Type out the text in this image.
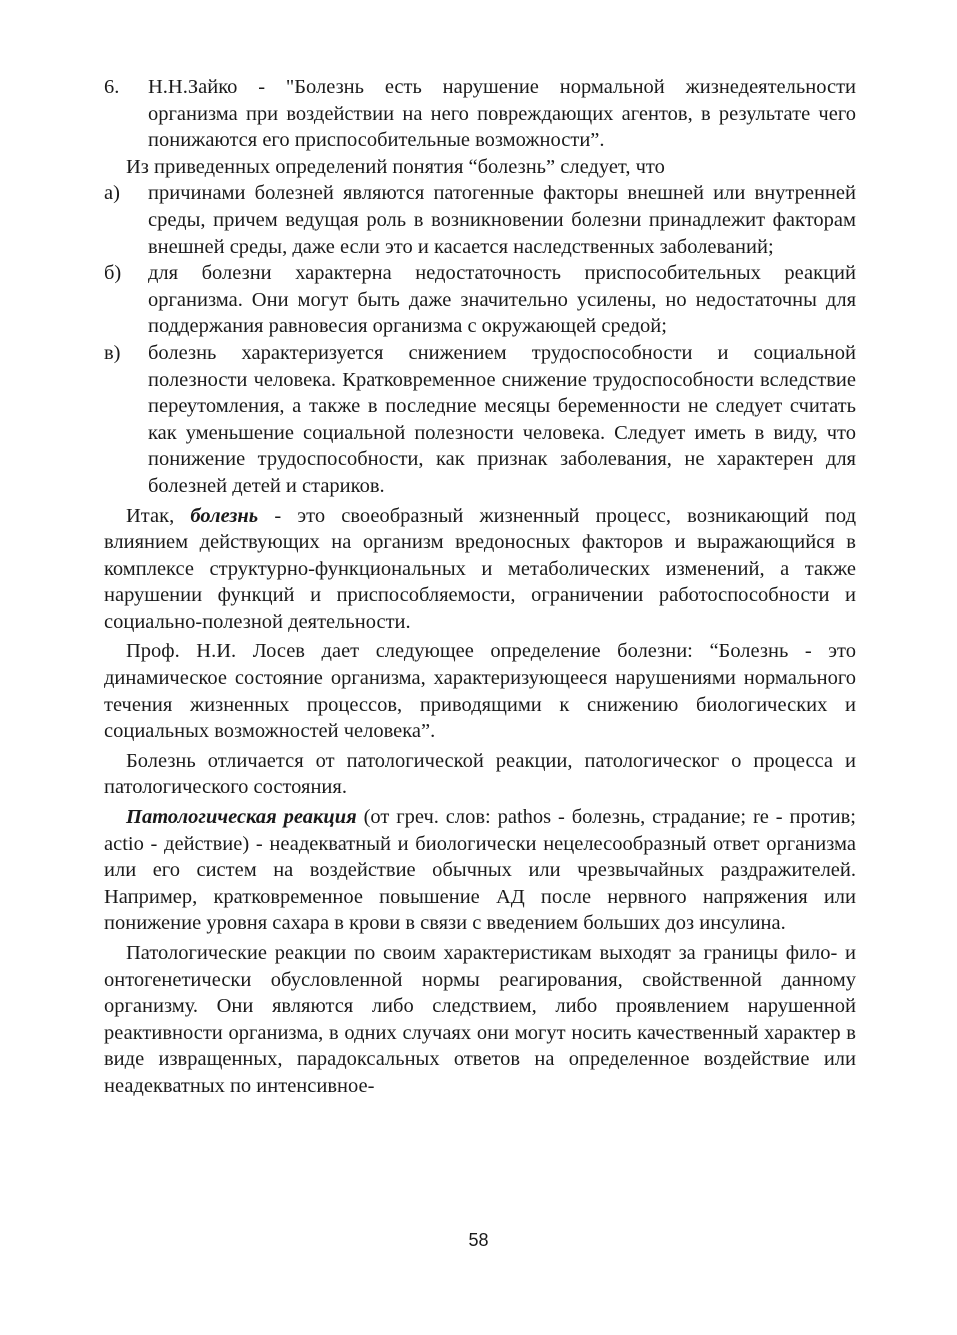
6. Н.Н.Зайко - "Болезнь есть нарушение нормальной жизнедеятельности организма при воздействии на него повреждающих агентов, в результате чего понижаются его приспособительные возможности”.

Из приведенных определений понятия “болезнь” следует, что

а) причинами болезней являются патогенные факторы внешней или внутренней среды, причем ведущая роль в возникновении болезни принадлежит факторам внешней среды, даже если это и касается наследственных заболеваний;
б) для болезни характерна недостаточность приспособительных реакций организма. Они могут быть даже значительно усилены, но недостаточны для поддержания равновесия организма с окружающей средой;
в) болезнь характеризуется снижением трудоспособности и социальной полезности человека. Кратковременное снижение трудоспособности вследствие переутомления, а также в последние месяцы беременности не следует считать как уменьшение социальной полезности человека. Следует иметь в виду, что понижение трудоспособности, как признак заболевания, не характерен для болезней детей и стариков.

Итак, болезнь - это своеобразный жизненный процесс, возникающий под влиянием действующих на организм вредоносных факторов и выражающийся в комплексе структурно-функциональных и метаболических изменений, а также нарушении функций и приспособляемости, ограничении работоспособности и социально-полезной деятельности.

Проф. Н.И. Лосев дает следующее определение болезни: “Болезнь - это динамическое состояние организма, характеризующееся нарушениями нормального течения жизненных процессов, приводящими к снижению биологических и социальных возможностей человека”.

Болезнь отличается от патологической реакции, патологическог о процесса и патологического состояния.

Патологическая реакция (от греч. слов: pathos - болезнь, страдание; re - против; actio - действие) - неадекватный и биологически нецелесообразный ответ организма или его систем на воздействие обычных или чрезвычайных раздражителей. Например, кратковременное повышение АД после нервного напряжения или понижение уровня сахара в крови в связи с введением больших доз инсулина.

Патологические реакции по своим характеристикам выходят за границы фило- и онтогенетически обусловленной нормы реагирования, свойственной данному организму. Они являются либо следствием, либо проявлением нарушенной реактивности организма, в одних случаях они могут носить качественный характер в виде извращенных, парадоксальных ответов на определенное воздействие или неадекватных по интенсивное-

58
